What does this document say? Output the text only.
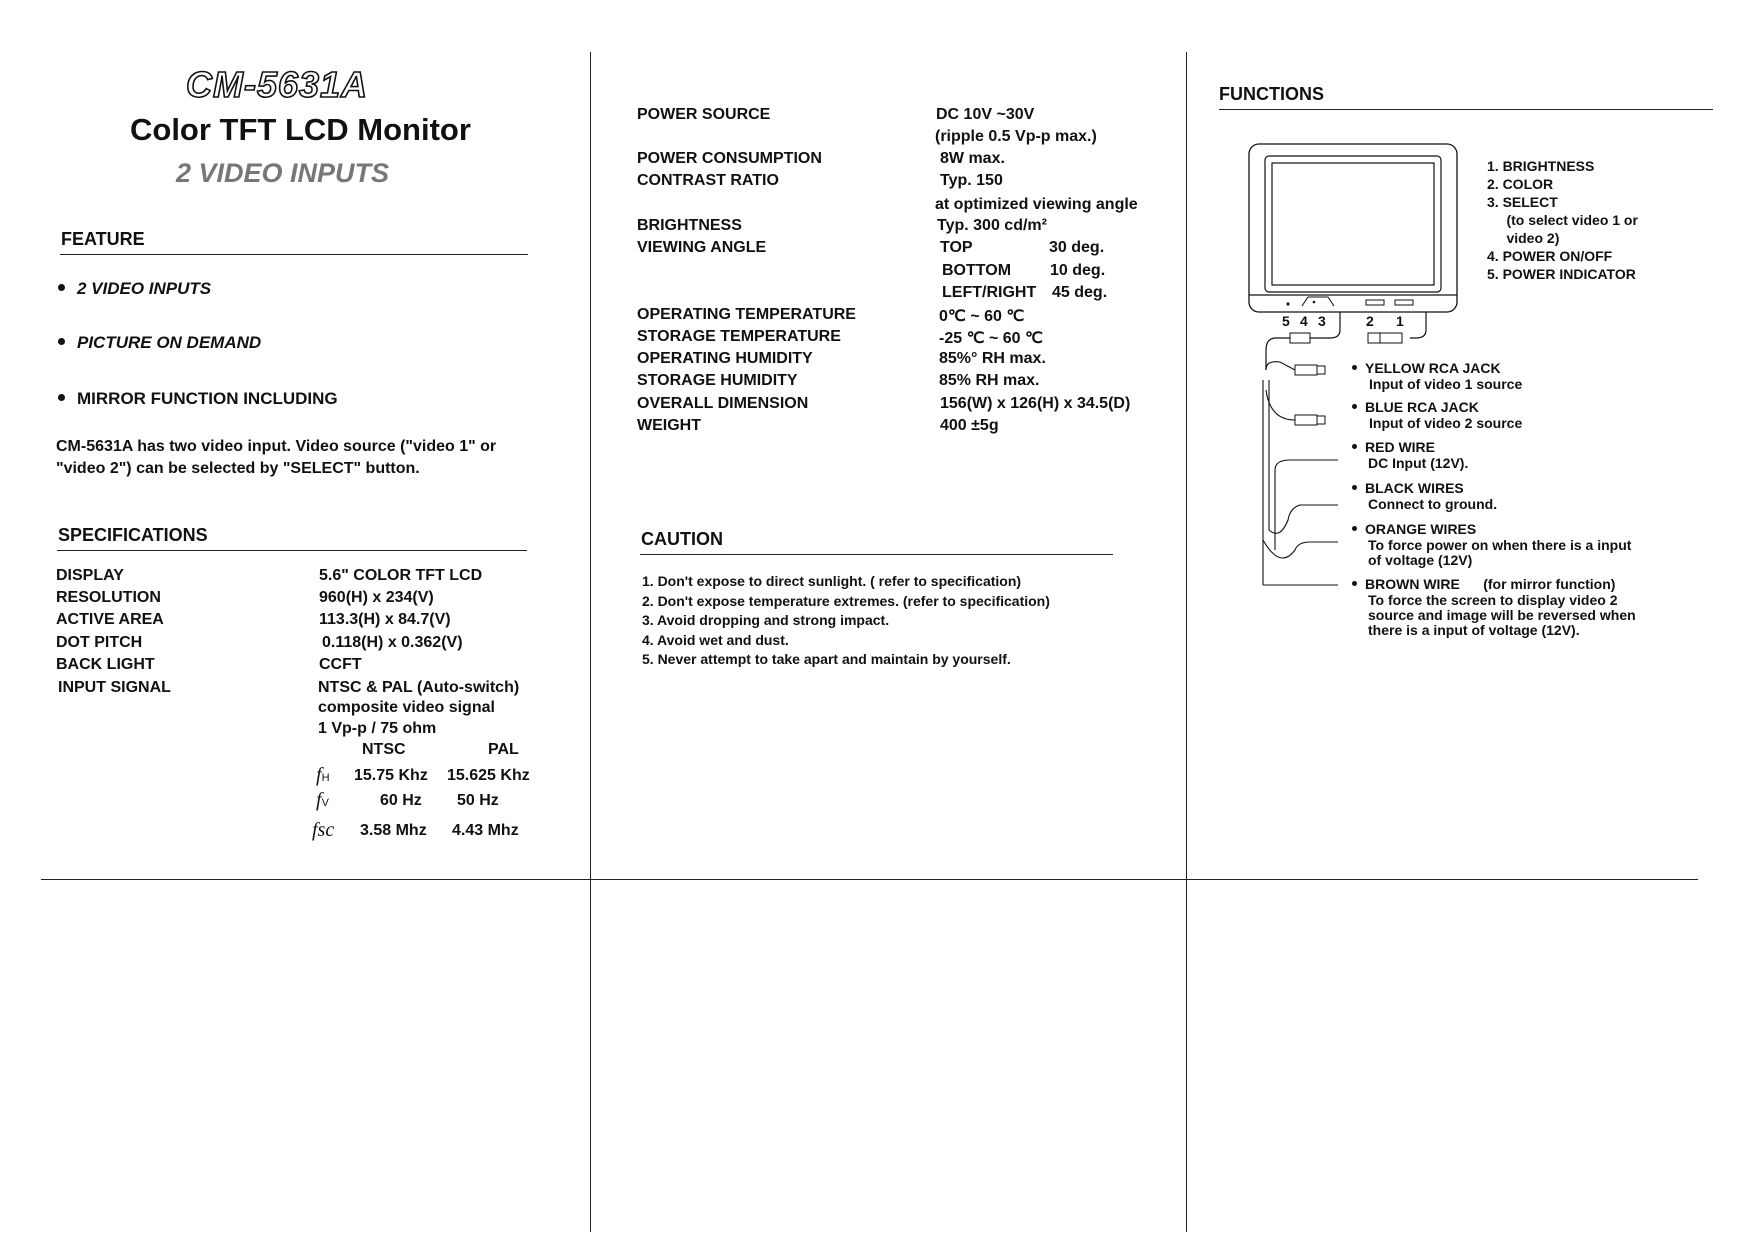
CM-5631A
Color TFT LCD Monitor
2 VIDEO INPUTS
FEATURE
2 VIDEO INPUTS
PICTURE ON DEMAND
MIRROR FUNCTION INCLUDING
CM-5631A has two video input. Video source ("video 1" or
"video 2") can be selected by "SELECT" button.
SPECIFICATIONS
DISPLAY	5.6" COLOR TFT LCD
RESOLUTION	960(H) x 234(V)
ACTIVE AREA	113.3(H) x 84.7(V)
DOT PITCH	0.118(H) x 0.362(V)
BACK LIGHT	CCFT
INPUT SIGNAL	NTSC & PAL (Auto-switch)
composite video signal
1 Vp-p / 75 ohm
NTSC	PAL
fH 15.75 Khz 15.625 Khz
fV	60 Hz 50 Hz
fsc 3.58 Mhz 4.43 Mhz
POWER SOURCE	DC 10V ~30V
(ripple 0.5 Vp-p max.)
POWER CONSUMPTION	8W max.
CONTRAST RATIO	Typ. 150
at optimized viewing angle
BRIGHTNESS	Typ. 300 cd/m²
VIEWING ANGLE	TOP	30 deg.
BOTTOM 10 deg.
LEFT/RIGHT 45 deg.
OPERATING TEMPERATURE	0℃ ~ 60 ℃
STORAGE TEMPERATURE	-25 ℃ ~ 60 ℃
OPERATING HUMIDITY	85%° RH max.
STORAGE HUMIDITY	85% RH max.
OVERALL DIMENSION	156(W) x 126(H) x 34.5(D)
WEIGHT	400 ±5g
CAUTION
1. Don't expose to direct sunlight. ( refer to specification)
2. Don't expose temperature extremes. (refer to specification)
3. Avoid dropping and strong impact.
4. Avoid wet and dust.
5. Never attempt to take apart and maintain by yourself.
FUNCTIONS
5 4 3	2 1
1. BRIGHTNESS
2. COLOR
3. SELECT
(to select video 1 or
video 2)
4. POWER ON/OFF
5. POWER INDICATOR
YELLOW RCA JACK
Input of video 1 source
BLUE RCA JACK
Input of video 2 source
RED WIRE
DC Input (12V).
BLACK WIRES
Connect to ground.
ORANGE WIRES
To force power on when there is a input
of voltage (12V)
BROWN WIRE      (for mirror function)
To force the screen to display video 2
source and image will be reversed when
there is a input of voltage (12V).
